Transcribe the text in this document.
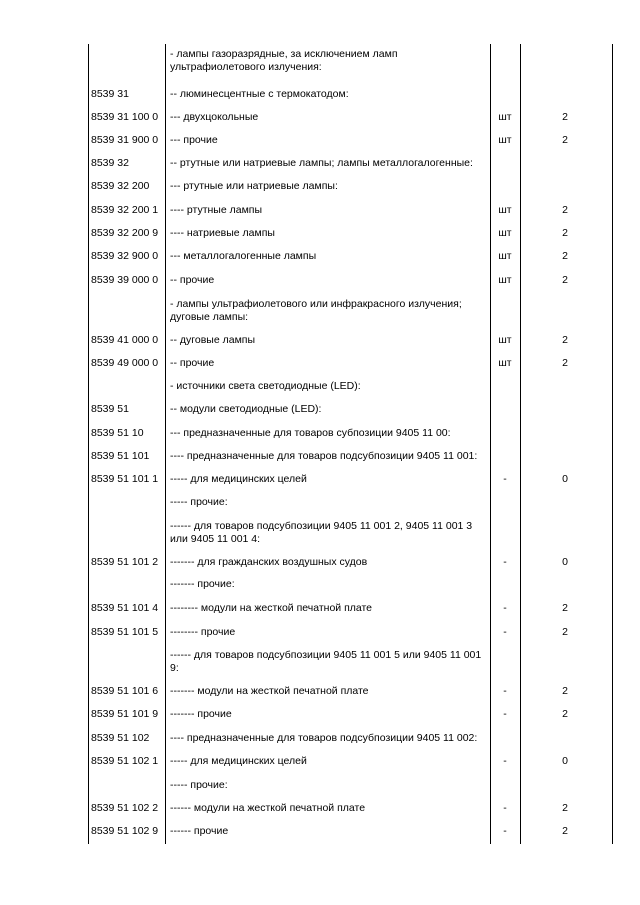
- лампы газоразрядные, за исключением ламп ультрафиолетового излучения:
8539 31	-- люминесцентные с термокатодом:
8539 31 100 0	--- двухцокольные	шт	2
8539 31 900 0	--- прочие	шт	2
8539 32	-- ртутные или натриевые лампы; лампы металлогалогенные:
8539 32 200	--- ртутные или натриевые лампы:
8539 32 200 1	---- ртутные лампы	шт	2
8539 32 200 9	---- натриевые лампы	шт	2
8539 32 900 0	--- металлогалогенные лампы	шт	2
8539 39 000 0	-- прочие	шт	2
- лампы ультрафиолетового или инфракрасного излучения; дуговые лампы:
8539 41 000 0	-- дуговые лампы	шт	2
8539 49 000 0	-- прочие	шт	2
- источники света светодиодные (LED):
8539 51	-- модули светодиодные (LED):
8539 51 10	--- предназначенные для товаров субпозиции 9405 11 00:
8539 51 101	---- предназначенные для товаров подсубпозиции 9405 11 001:
8539 51 101 1	----- для медицинских целей	-	0
----- прочие:
------ для товаров подсубпозиции 9405 11 001 2, 9405 11 001 3 или 9405 11 001 4:
8539 51 101 2	------- для гражданских воздушных судов	-	0
------- прочие:
8539 51 101 4	-------- модули на жесткой печатной плате	-	2
8539 51 101 5	-------- прочие	-	2
------ для товаров подсубпозиции 9405 11 001 5 или 9405 11 001 9:
8539 51 101 6	------- модули на жесткой печатной плате	-	2
8539 51 101 9	------- прочие	-	2
8539 51 102	---- предназначенные для товаров подсубпозиции 9405 11 002:
8539 51 102 1	----- для медицинских целей	-	0
----- прочие:
8539 51 102 2	------ модули на жесткой печатной плате	-	2
8539 51 102 9	------ прочие	-	2
